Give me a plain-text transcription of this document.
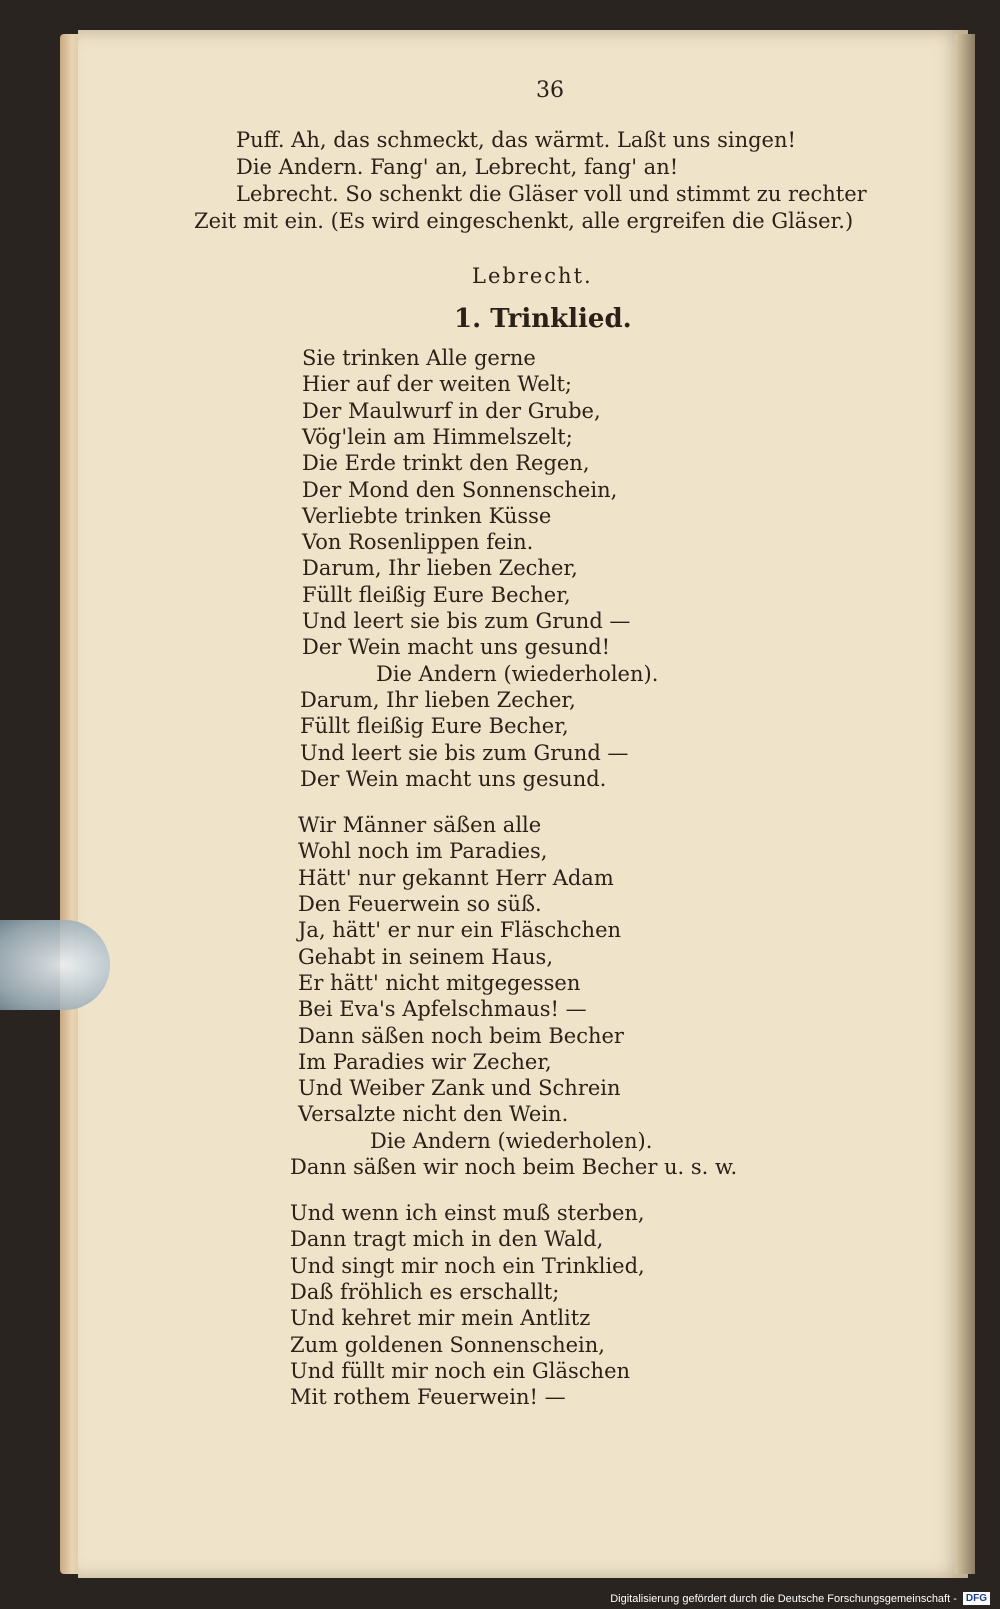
36
Puff. Ah, das schmeckt, das wärmt. Laßt uns singen!
Die Andern. Fang' an, Lebrecht, fang' an!
Lebrecht. So schenkt die Gläser voll und stimmt zu rechter
Zeit mit ein. (Es wird eingeschenkt, alle ergreifen die Gläser.)
Lebrecht.
1. Trinklied.
Sie trinken Alle gerne
Hier auf der weiten Welt;
Der Maulwurf in der Grube,
Vög'lein am Himmelszelt;
Die Erde trinkt den Regen,
Der Mond den Sonnenschein,
Verliebte trinken Küsse
Von Rosenlippen fein.
Darum, Ihr lieben Zecher,
Füllt fleißig Eure Becher,
Und leert sie bis zum Grund —
Der Wein macht uns gesund!
Die Andern (wiederholen).
Darum, Ihr lieben Zecher,
Füllt fleißig Eure Becher,
Und leert sie bis zum Grund —
Der Wein macht uns gesund.
Wir Männer säßen alle
Wohl noch im Paradies,
Hätt' nur gekannt Herr Adam
Den Feuerwein so süß.
Ja, hätt' er nur ein Fläschchen
Gehabt in seinem Haus,
Er hätt' nicht mitgegessen
Bei Eva's Apfelschmaus! —
Dann säßen noch beim Becher
Im Paradies wir Zecher,
Und Weiber Zank und Schrein
Versalzte nicht den Wein.
Die Andern (wiederholen).
Dann säßen wir noch beim Becher u. s. w.
Und wenn ich einst muß sterben,
Dann tragt mich in den Wald,
Und singt mir noch ein Trinklied,
Daß fröhlich es erschallt;
Und kehret mir mein Antlitz
Zum goldenen Sonnenschein,
Und füllt mir noch ein Gläschen
Mit rothem Feuerwein! —
Digitalisierung gefördert durch die Deutsche Forschungsgemeinschaft - DFG
